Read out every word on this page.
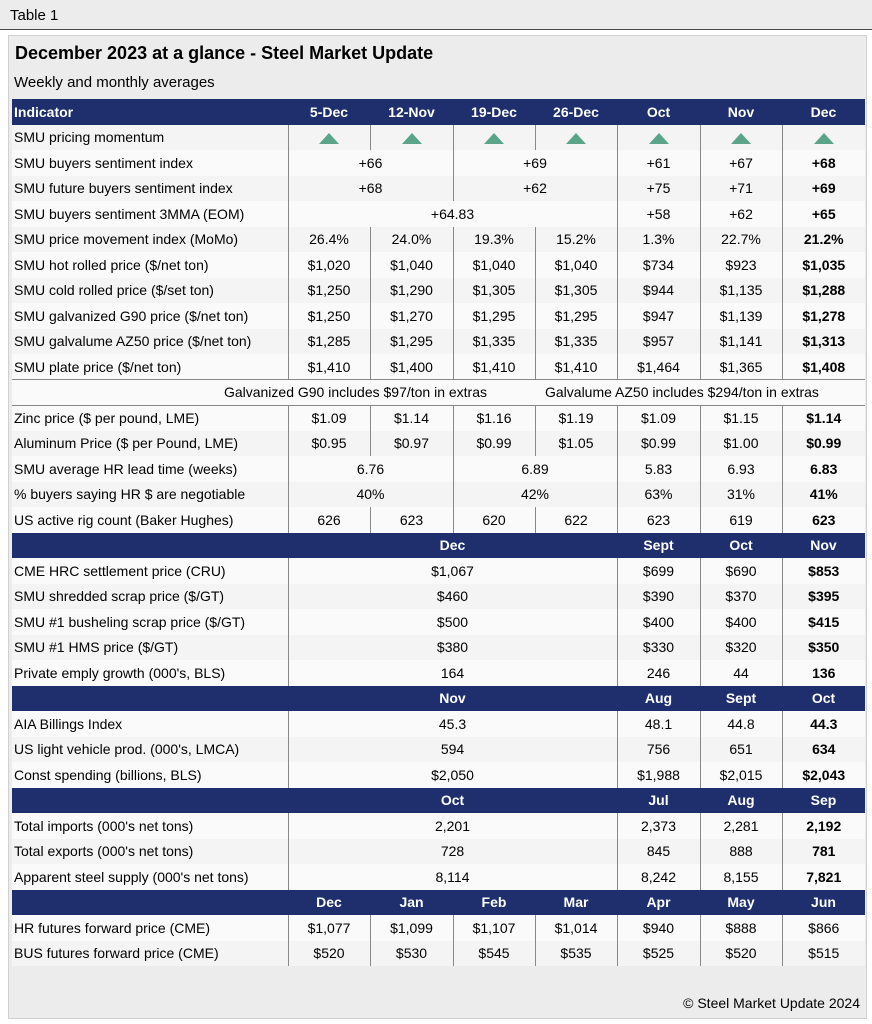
Table 1
December 2023 at a glance - Steel Market Update
Weekly and monthly averages
Indicator	5-Dec	12-Nov	19-Dec	26-Dec	Oct	Nov	Dec
SMU pricing momentum							
SMU buyers sentiment index	+66		+69		+61	+67	+68
SMU future buyers sentiment index	+68		+62		+75	+71	+69
SMU buyers sentiment 3MMA (EOM)	+64.83				+58	+62	+65
SMU price movement index (MoMo)	26.4%	24.0%	19.3%	15.2%	1.3%	22.7%	21.2%
SMU hot rolled price ($/net ton)	$1,020	$1,040	$1,040	$1,040	$734	$923	$1,035
SMU cold rolled price ($/set ton)	$1,250	$1,290	$1,305	$1,305	$944	$1,135	$1,288
SMU galvanized G90 price ($/net ton)	$1,250	$1,270	$1,295	$1,295	$947	$1,139	$1,278
SMU galvalume AZ50 price ($/net ton)	$1,285	$1,295	$1,335	$1,335	$957	$1,141	$1,313
SMU plate price ($/net ton)	$1,410	$1,400	$1,410	$1,410	$1,464	$1,365	$1,408
Galvanized G90 includes $97/ton in extras				Galvalume AZ50 includes $294/ton in extras			
Zinc price ($ per pound, LME)	$1.09	$1.14	$1.16	$1.19	$1.09	$1.15	$1.14
Aluminum Price ($ per Pound, LME)	$0.95	$0.97	$0.99	$1.05	$0.99	$1.00	$0.99
SMU average HR lead time (weeks)	6.76		6.89		5.83	6.93	6.83
% buyers saying HR $ are negotiable	40%		42%		63%	31%	41%
US active rig count (Baker Hughes)	626	623	620	622	623	619	623
	Dec				Sept	Oct	Nov
CME HRC settlement price (CRU)	$1,067				$699	$690	$853
SMU shredded scrap price ($/GT)	$460				$390	$370	$395
SMU #1 busheling scrap price ($/GT)	$500				$400	$400	$415
SMU #1 HMS price ($/GT)	$380				$330	$320	$350
Private emply growth (000's, BLS)	164				246	44	136
	Nov				Aug	Sept	Oct
AIA Billings Index	45.3				48.1	44.8	44.3
US light vehicle prod. (000's, LMCA)	594				756	651	634
Const spending (billions, BLS)	$2,050				$1,988	$2,015	$2,043
	Oct				Jul	Aug	Sep
Total imports (000's net tons)	2,201				2,373	2,281	2,192
Total exports (000's net tons)	728				845	888	781
Apparent steel supply (000's net tons)	8,114				8,242	8,155	7,821
	Dec	Jan	Feb	Mar	Apr	May	Jun
HR futures forward price (CME)	$1,077	$1,099	$1,107	$1,014	$940	$888	$866
BUS futures forward price (CME)	$520	$530	$545	$535	$525	$520	$515
© Steel Market Update 2024
